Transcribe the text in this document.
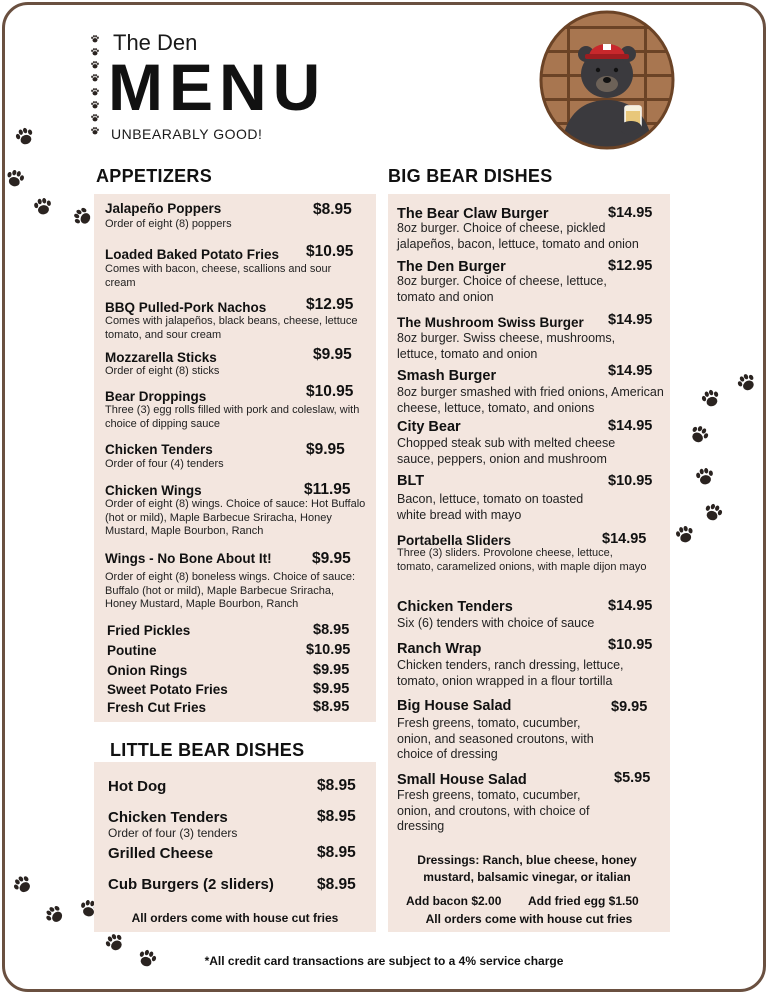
The Den
MENU
UNBEARABLY GOOD!
APPETIZERS
Jalapeño Poppers	$8.95
Order of eight (8) poppers
Loaded Baked Potato Fries $10.95
Comes with bacon, cheese, scallions and sour cream
BBQ Pulled-Pork Nachos	$12.95
Comes with jalapeños, black beans, cheese, lettuce tomato, and sour cream
Mozzarella Sticks	$9.95
Order of eight (8) sticks
Bear Droppings	$10.95
Three (3) egg rolls filled with pork and coleslaw, with choice of dipping sauce
Chicken Tenders	$9.95
Order of four (4) tenders
Chicken Wings	$11.95
Order of eight (8) wings. Choice of sauce: Hot Buffalo (hot or mild), Maple Barbecue Sriracha, Honey Mustard, Maple Bourbon, Ranch
Wings - No Bone About It!	$9.95
Order of eight (8) boneless wings. Choice of sauce: Buffalo (hot or mild), Maple Barbecue Sriracha, Honey Mustard, Maple Bourbon, Ranch
Fried Pickles	$8.95
Poutine	$10.95
Onion Rings	$9.95
Sweet Potato Fries	$9.95
Fresh Cut Fries	$8.95
LITTLE BEAR DISHES
Hot Dog	$8.95
Chicken Tenders	$8.95
Order of four (3) tenders
Grilled Cheese	$8.95
Cub Burgers (2 sliders)	$8.95
All orders come with house cut fries
BIG BEAR DISHES
The Bear Claw Burger	$14.95
8oz burger. Choice of cheese, pickled jalapeños, bacon, lettuce, tomato and onion
The Den Burger	$12.95
8oz burger. Choice of cheese, lettuce, tomato and onion
The Mushroom Swiss Burger $14.95
8oz burger. Swiss cheese, mushrooms, lettuce, tomato and onion
Smash Burger	$14.95
8oz burger smashed with fried onions, American cheese, lettuce, tomato, and onions
City Bear	$14.95
Chopped steak sub with melted cheese sauce, peppers, onion and mushroom
BLT	$10.95
Bacon, lettuce, tomato on toasted white bread with mayo
Portabella Sliders	$14.95
Three (3) sliders. Provolone cheese, lettuce, tomato, caramelized onions, with maple dijon mayo
Chicken Tenders	$14.95
Six (6) tenders with choice of sauce
Ranch Wrap	$10.95
Chicken tenders, ranch dressing, lettuce, tomato, onion wrapped in a flour tortilla
Big House Salad	$9.95
Fresh greens, tomato, cucumber, onion, and seasoned croutons, with choice of dressing
Small House Salad	$5.95
Fresh greens, tomato, cucumber, onion, and croutons, with choice of dressing
Dressings: Ranch, blue cheese, honey mustard, balsamic vinegar, or italian
Add bacon $2.00 Add fried egg $1.50
All orders come with house cut fries
*All credit card transactions are subject to a 4% service charge
